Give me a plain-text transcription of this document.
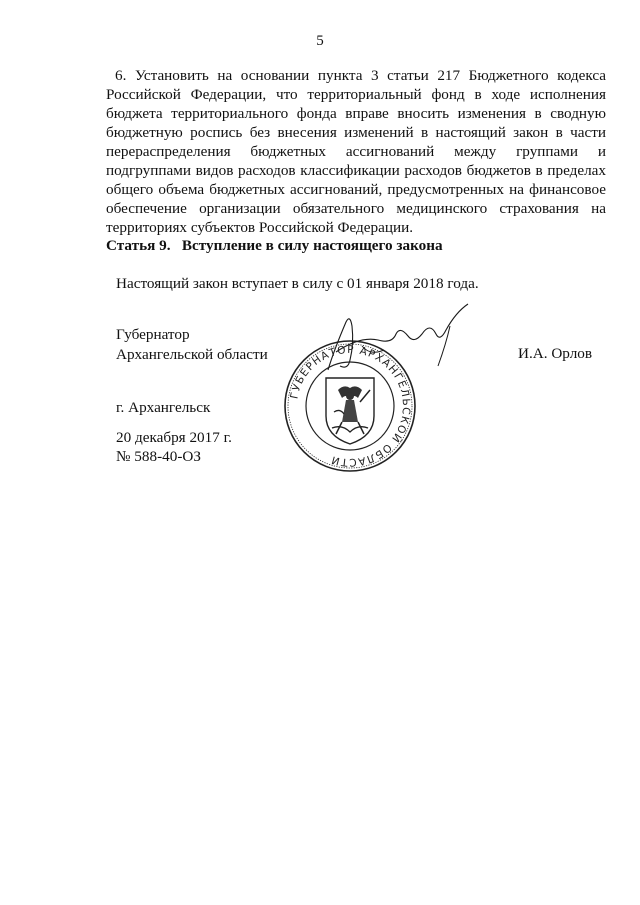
5
6. Установить на основании пункта 3 статьи 217 Бюджетного кодекса Российской Федерации, что территориальный фонд в ходе исполнения бюджета территориального фонда вправе вносить изменения в сводную бюджетную роспись без внесения изменений в настоящий закон в части перераспределения бюджетных ассигнований между группами и подгруппами видов расходов классификации расходов бюджетов в пределах общего объема бюджетных ассигнований, предусмотренных на финансовое обеспечение организации обязательного медицинского страхования на территориях субъектов Российской Федерации.
Статья 9.   Вступление в силу настоящего закона
Настоящий закон вступает в силу с 01 января 2018 года.
Губернатор
Архангельской области	И.А. Орлов
ГУБЕРНАТОР АРХАНГЕЛЬСКОЙ ОБЛАСТИ
г. Архангельск
20 декабря 2017 г.
№ 588-40-ОЗ
